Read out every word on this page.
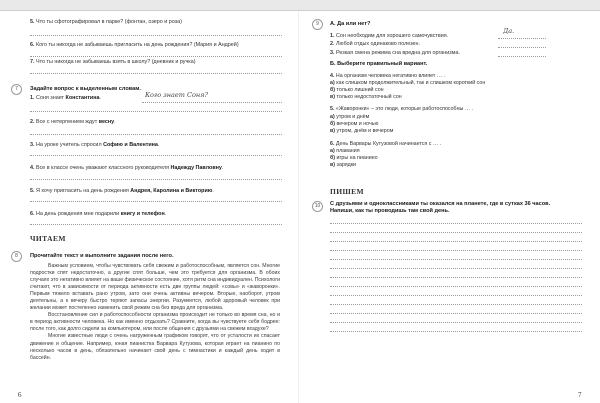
5. Что ты сфотографировал в парке? (фонтан, озеро и роза)
6. Кого ты никогда не забываешь пригласить на день рождения? (Мария и Андрей)
7. Что ты никогда не забываешь взять в школу? (дневник и ручка)
7	Задайте вопрос к выделенным словам.
1. Соня знает Константина.	Кого знает Соня?
2. Все с нетерпением ждут весну.
3. На уроке учитель спросил Софию и Валентина.
4. Все в классе очень уважают классного руководителя Надежду Павловну.
5. Я хочу пригласить на день рождения Андрея, Каролина и Викторию.
6. На день рождения мне подарили книгу и телефон.
ЧИТАЕМ
8	Прочитайте текст и выполните задания после него.

Важным условием, чтобы чувствовать себя свежим и работоспособным, является сон. Многие подростки спят недостаточно, а другие спят больше, чем это требуется для организма. В обоих случаях это негативно влияет на ваше физическое состояние, хотя ритм сна индивидуален. Психологи считают, что в зависимости от периода активности есть две группы людей: «совы» и «жаворонки». Первым тяжело вставать рано утром, зато они очень активны вечером. Вторые, наоборот, утром деятельны, а к вечеру быстро теряют запасы энергии. Разумеется, любой здоровый человек при желании может постепенно изменить свой режим сна без вреда для организма.

Восстановление сил и работоспособности организма происходит не только во время сна, но и в период активности человека. Но как именно отдыхать? Сравните, когда вы чувствуете себя бодрее: после того, как долго сидели за компьютером, или после общения с друзьями на свежем воздухе?

Многие известные люди с очень нагруженным графиком говорят, что от усталости их спасает движение и общение. Например, юная пианистка Варвара Кутузова, которая играет на пианино по несколько часов в день, обязательно начинает свой день с гимнастики и каждый день ходит в бассейн.

6
9	А. Да или нет?
1. Сон необходим для хорошего самочувствия.
Да.
2. Любой отдых одинаково полезен.
3. Резкая смена режима сна вредна для организма.
Б. Выберите правильный вариант.
4. На организм человека негативно влияет … .
а) как слишком продолжительный, так и слишком короткий сон
б) только лишний сон
в) только недостаточный сон
5. «Жаворонки» – это люди, которые работоспособны … .
а) утром и днём
б) вечером и ночью
в) утром, днём и вечером
6. День Варвары Кутузовой начинается с … .
а) плавания
б) игры на пианино
в) зарядки
ПИШЕМ
10	С друзьями и одноклассниками ты оказался на планете, где в сутках 36 часов.
Напиши, как ты проводишь там свой день.
7
